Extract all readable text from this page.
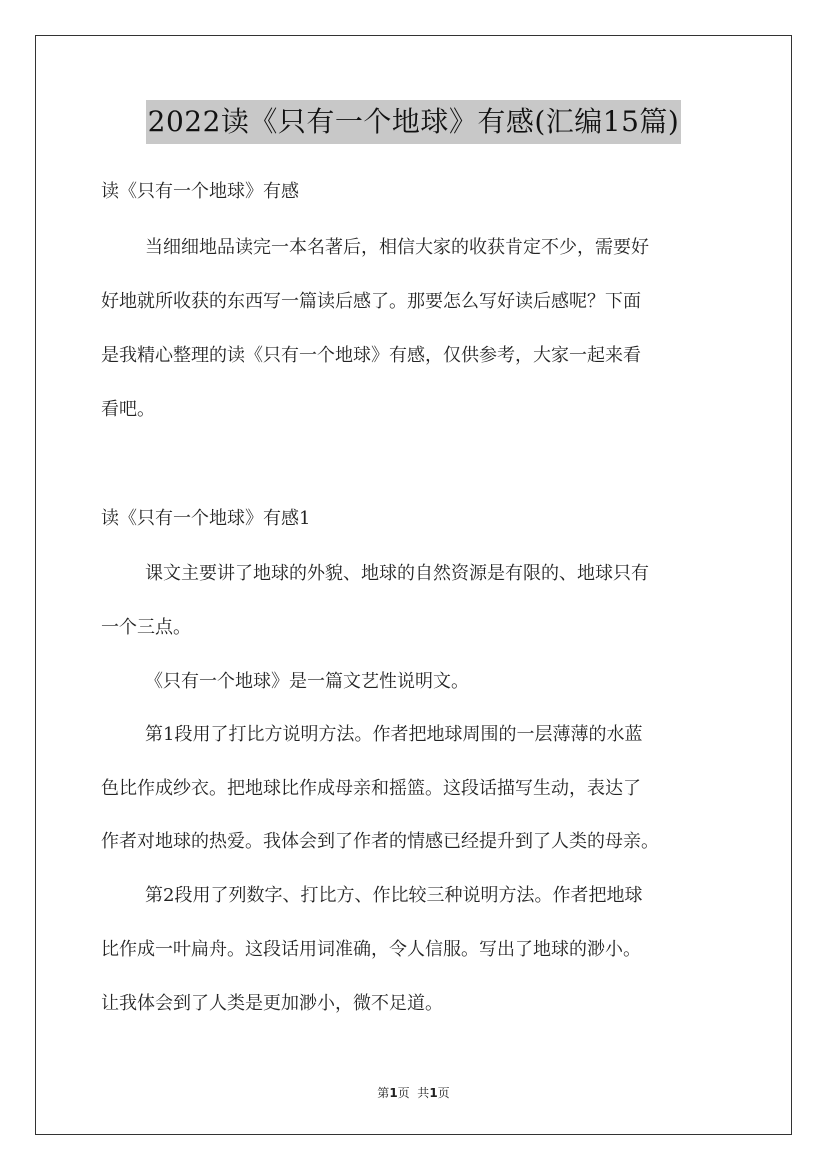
2022读《只有一个地球》有感(汇编15篇)
读《只有一个地球》有感
当细细地品读完一本名著后，相信大家的收获肯定不少，需要好
好地就所收获的东西写一篇读后感了。那要怎么写好读后感呢？下面
是我精心整理的读《只有一个地球》有感，仅供参考，大家一起来看
看吧。
读《只有一个地球》有感1
课文主要讲了地球的外貌、地球的自然资源是有限的、地球只有
一个三点。
《只有一个地球》是一篇文艺性说明文。
第1段用了打比方说明方法。作者把地球周围的一层薄薄的水蓝
色比作成纱衣。把地球比作成母亲和摇篮。这段话描写生动，表达了
作者对地球的热爱。我体会到了作者的情感已经提升到了人类的母亲。
第2段用了列数字、打比方、作比较三种说明方法。作者把地球
比作成一叶扁舟。这段话用词准确，令人信服。写出了地球的渺小。
让我体会到了人类是更加渺小，微不足道。
第1页  共1页
